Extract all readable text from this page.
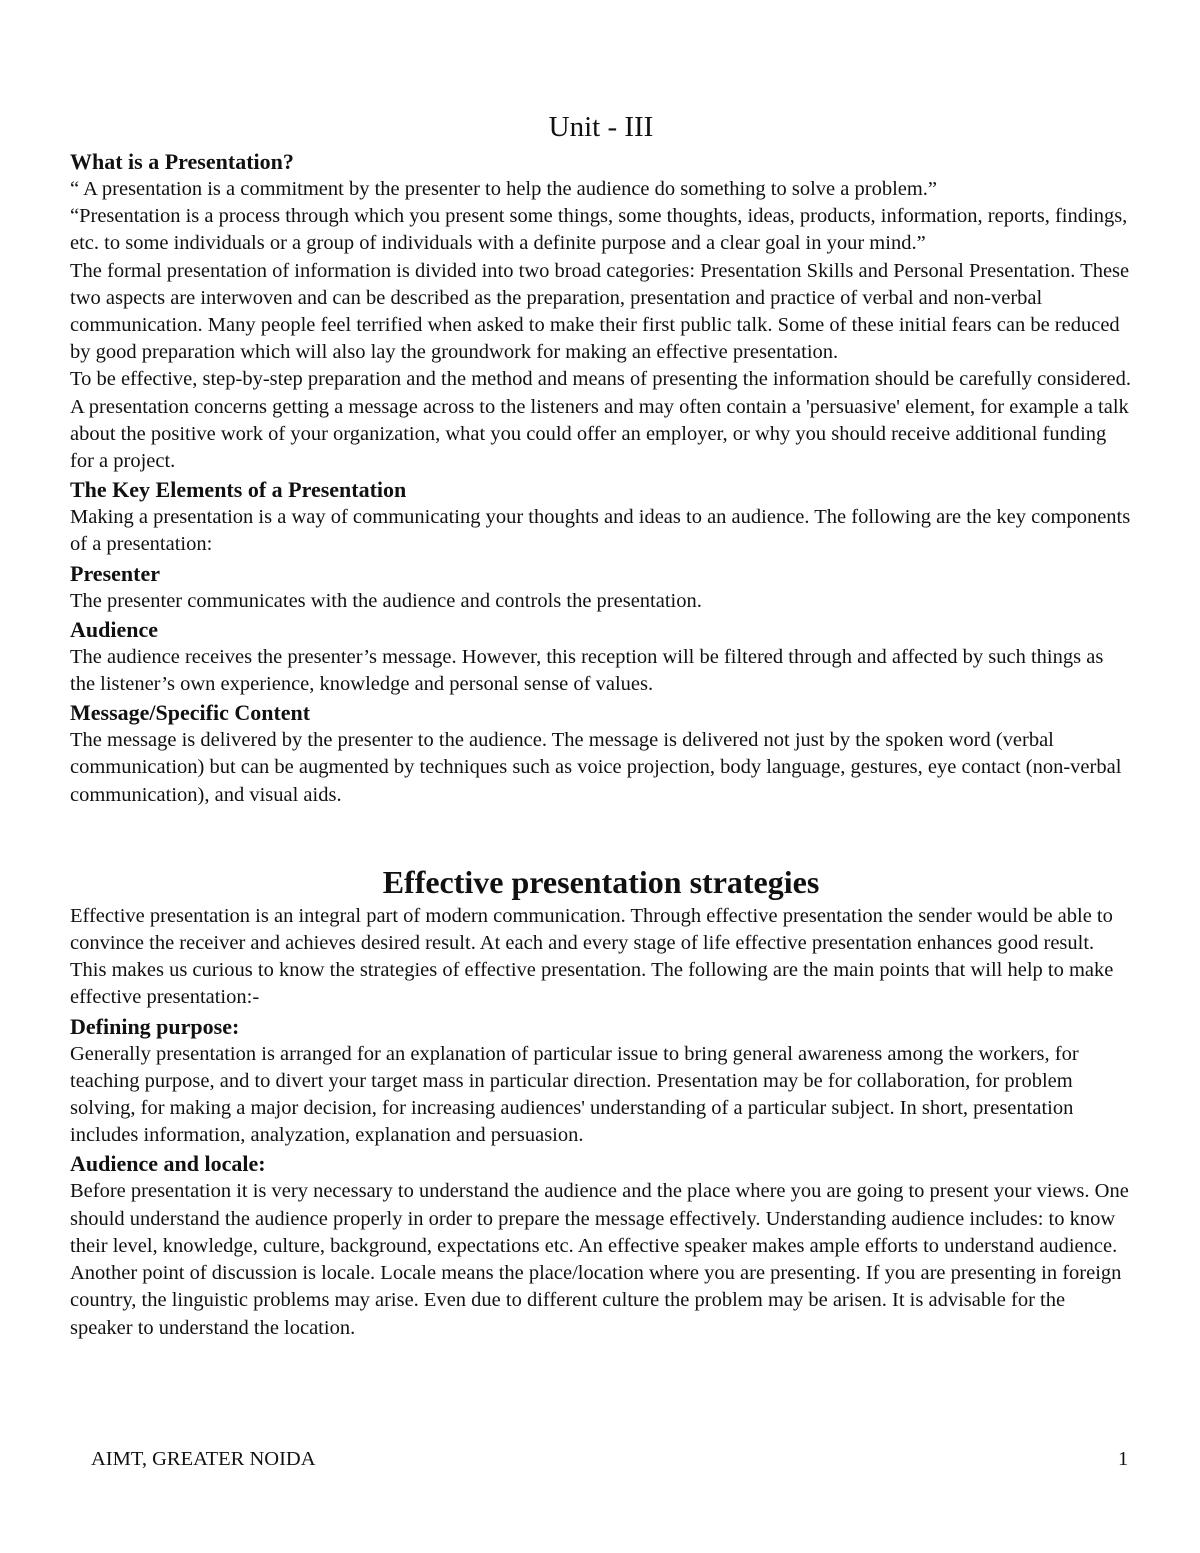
Unit - III
What is a Presentation?

“ A presentation is a commitment by the presenter to help the audience do something to solve a problem.”

“Presentation is a process through which you present some things, some thoughts, ideas, products, information, reports, findings, etc. to some individuals or a group of individuals with a definite purpose and a clear goal in your mind.”

The formal presentation of information is divided into two broad categories: Presentation Skills and Personal Presentation. These two aspects are interwoven and can be described as the preparation, presentation and practice of verbal and non-verbal communication. Many people feel terrified when asked to make their first public talk. Some of these initial fears can be reduced by good preparation which will also lay the groundwork for making an effective presentation.

To be effective, step-by-step preparation and the method and means of presenting the information should be carefully considered. A presentation concerns getting a message across to the listeners and may often contain a 'persuasive' element, for example a talk about the positive work of your organization, what you could offer an employer, or why you should receive additional funding for a project.

The Key Elements of a Presentation

Making a presentation is a way of communicating your thoughts and ideas to an audience. The following are the key components of a presentation:

Presenter

The presenter communicates with the audience and controls the presentation.

Audience

The audience receives the presenter’s message. However, this reception will be filtered through and affected by such things as the listener’s own experience, knowledge and personal sense of values.

Message/Specific Content

The message is delivered by the presenter to the audience. The message is delivered not just by the spoken word (verbal communication) but can be augmented by techniques such as voice projection, body language, gestures, eye contact (non-verbal communication), and visual aids.

Effective presentation strategies

Effective presentation is an integral part of modern communication. Through effective presentation the sender would be able to convince the receiver and achieves desired result. At each and every stage of life effective presentation enhances good result. This makes us curious to know the strategies of effective presentation. The following are the main points that will help to make effective presentation:-

Defining purpose:

Generally presentation is arranged for an explanation of particular issue to bring general awareness among the workers, for teaching purpose, and to divert your target mass in particular direction. Presentation may be for collaboration, for problem solving, for making a major decision, for increasing audiences' understanding of a particular subject. In short, presentation includes information, analyzation, explanation and persuasion.

Audience and locale:

Before presentation it is very necessary to understand the audience and the place where you are going to present your views. One should understand the audience properly in order to prepare the message effectively. Understanding audience includes: to know their level, knowledge, culture, background, expectations etc. An effective speaker makes ample efforts to understand audience.

Another point of discussion is locale. Locale means the place/location where you are presenting. If you are presenting in foreign country, the linguistic problems may arise. Even due to different culture the problem may be arisen. It is advisable for the speaker to understand the location.

AIMT, GREATER NOIDA	1
